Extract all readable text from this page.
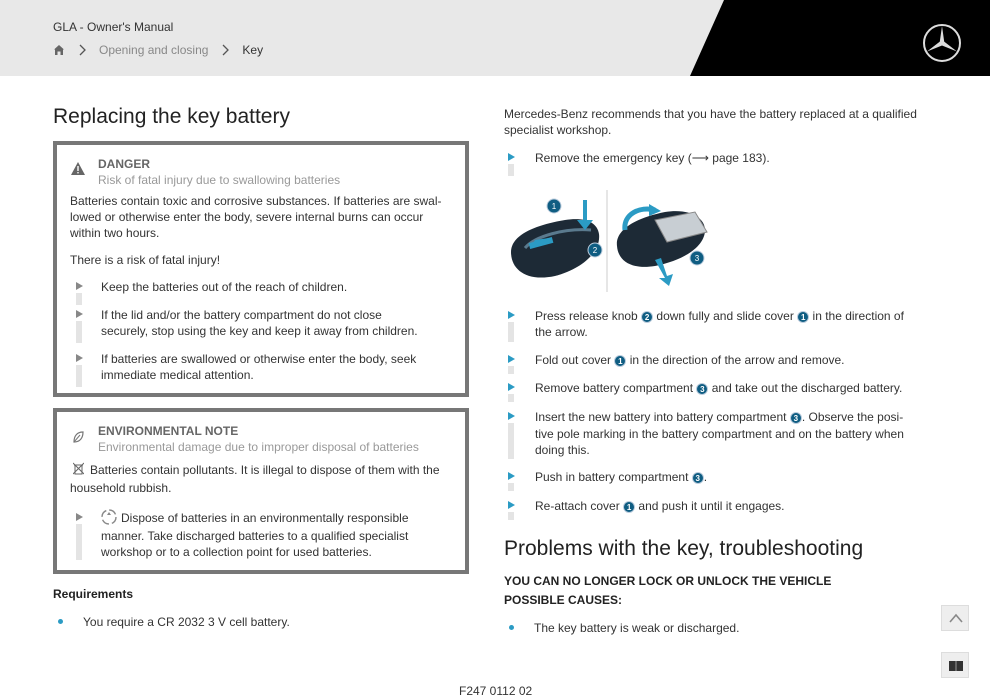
GLA - Owner's Manual
Opening and closing	Key
Replacing the key battery
DANGER
Risk of fatal injury due to swallowing batteries
Batteries contain toxic and corrosive substances. If batteries are swal-
lowed or otherwise enter the body, severe internal burns can occur
within two hours.
There is a risk of fatal injury!
Keep the batteries out of the reach of children.
If the lid and/or the battery compartment do not close
securely, stop using the key and keep it away from children.
If batteries are swallowed or otherwise enter the body, seek
immediate medical attention.
ENVIRONMENTAL NOTE
Environmental damage due to improper disposal of batteries
Batteries contain pollutants. It is illegal to dispose of them with the
household rubbish.
Dispose of batteries in an environmentally responsible
manner. Take discharged batteries to a qualified specialist
workshop or to a collection point for used batteries.
Requirements
You require a CR 2032 3 V cell battery.
Mercedes-Benz recommends that you have the battery replaced at a qualified
specialist workshop.
Remove the emergency key (⟶ page 183).
1
2
3
Press release knob 2 down fully and slide cover 1 in the direction of
the arrow.
Fold out cover 1 in the direction of the arrow and remove.
Remove battery compartment 3 and take out the discharged battery.
Insert the new battery into battery compartment 3 . Observe the posi-
tive pole marking in the battery compartment and on the battery when
doing this.
Push in battery compartment 3 .
Re-attach cover 1 and push it until it engages.
Problems with the key, troubleshooting
YOU CAN NO LONGER LOCK OR UNLOCK THE VEHICLE
POSSIBLE CAUSES:
The key battery is weak or discharged.
F247 0112 02
